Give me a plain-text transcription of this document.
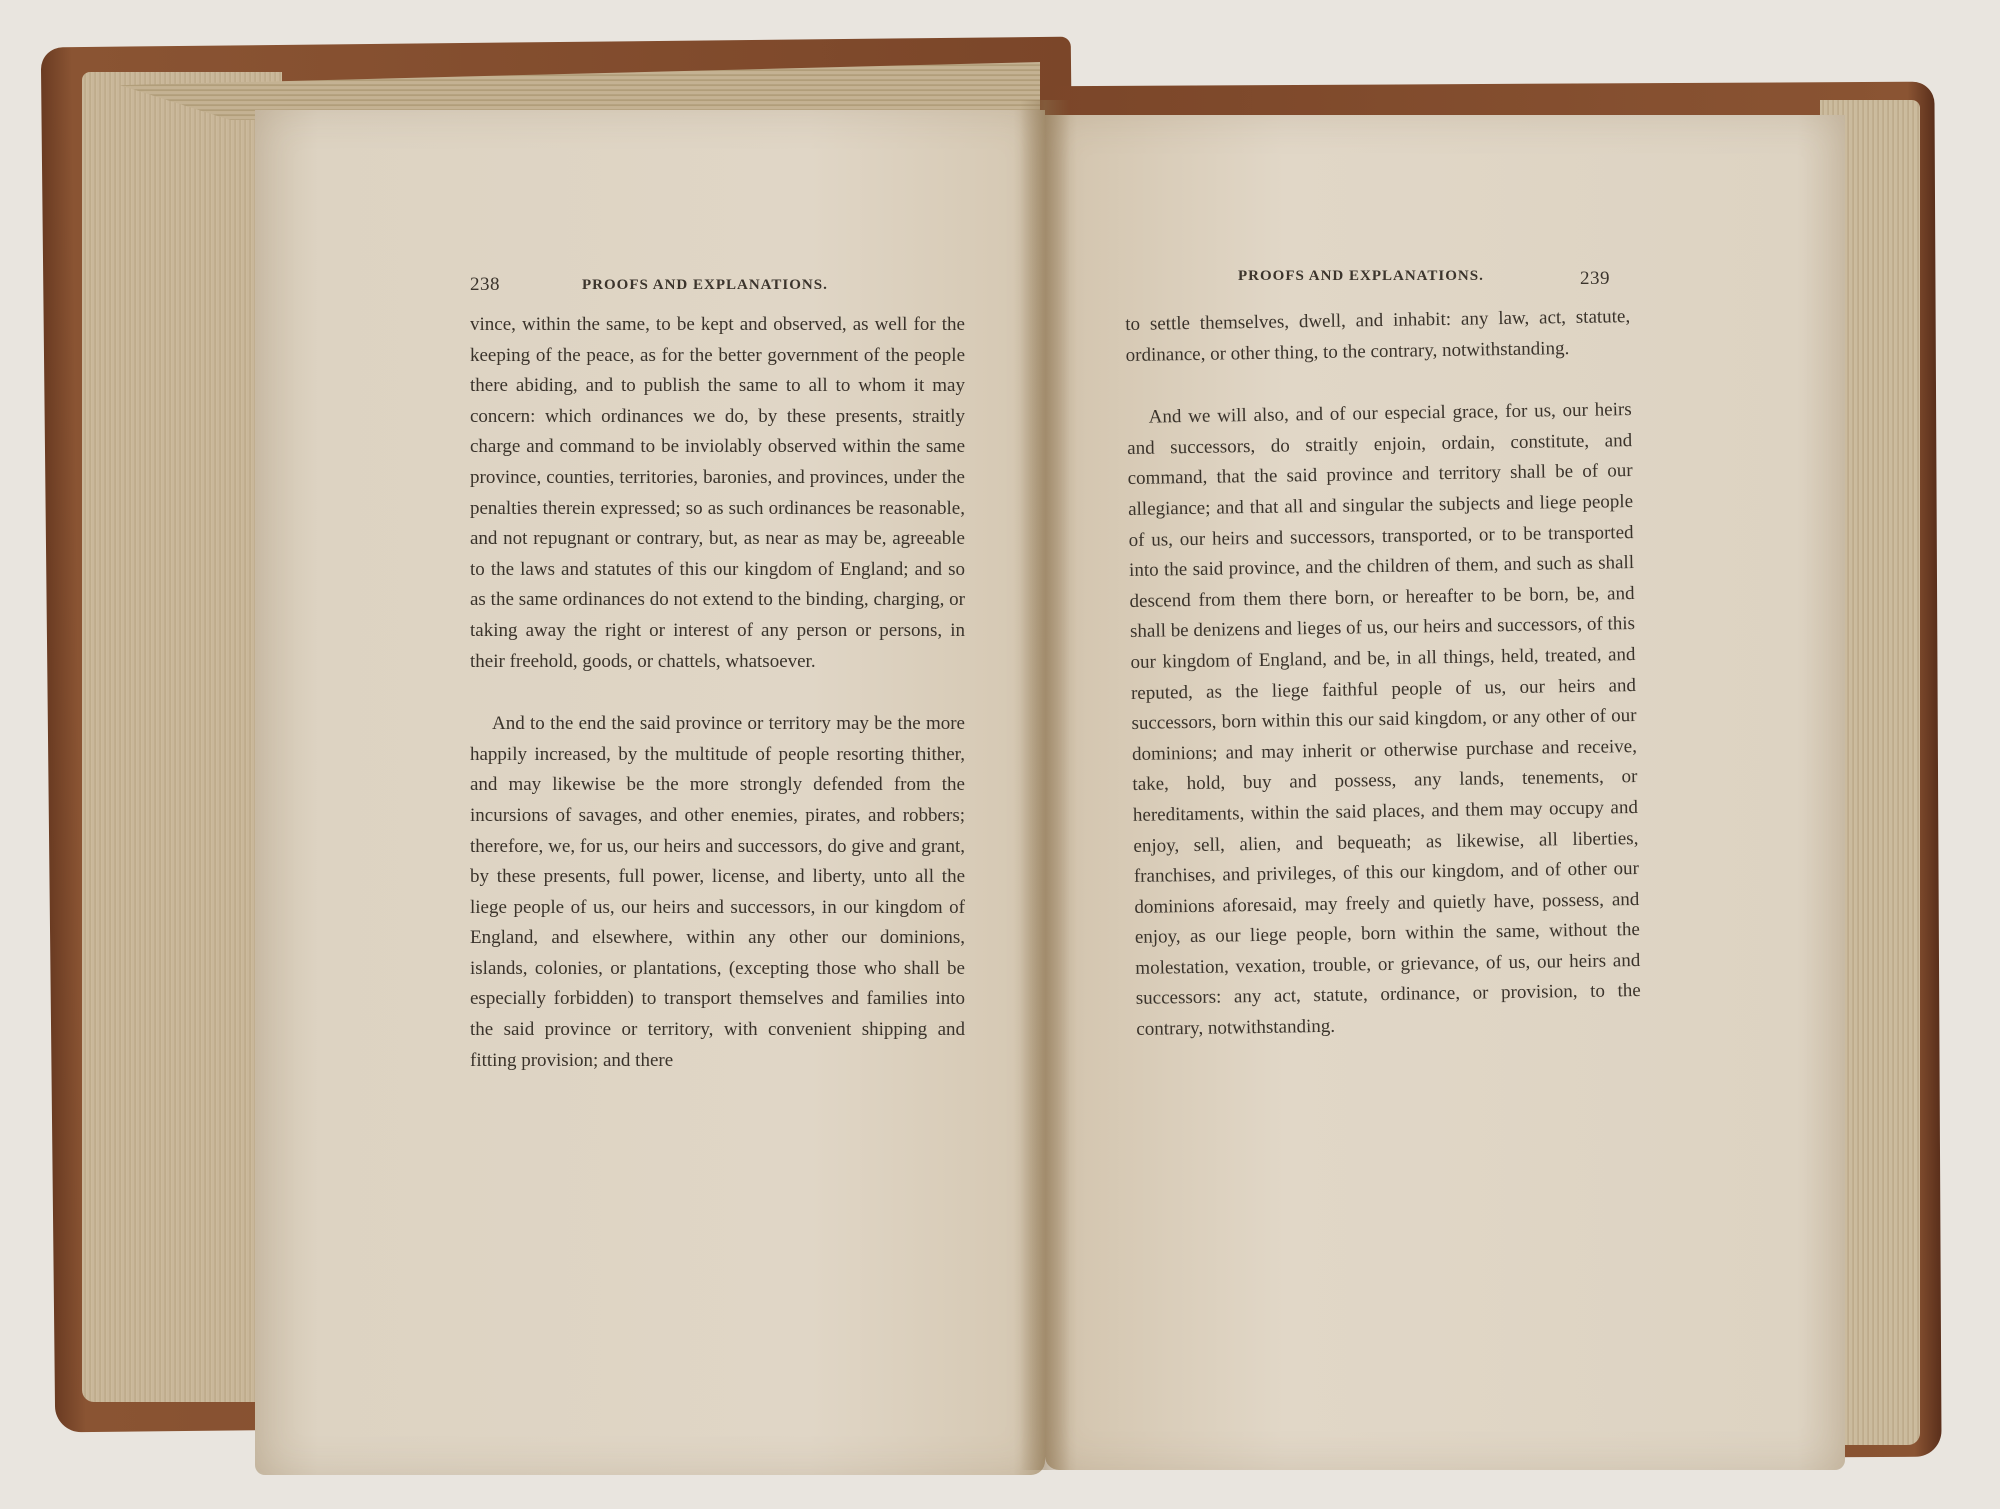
238	PROOFS AND EXPLANATIONS.
PROOFS AND EXPLANATIONS.	239

vince, within the same, to be kept and observed, as well for the keeping of the peace, as for the better government of the people there abiding, and to publish the same to all to whom it may concern: which ordinances we do, by these presents, straitly charge and command to be inviolably observed within the same province, counties, territories, baronies, and provinces, under the penalties therein expressed; so as such ordinances be reasonable, and not repugnant or contrary, but, as near as may be, agreeable to the laws and statutes of this our kingdom of England; and so as the same ordinances do not extend to the binding, charging, or taking away the right or interest of any person or persons, in their freehold, goods, or chattels, whatsoever.

And to the end the said province or territory may be the more happily increased, by the multitude of people resorting thither, and may likewise be the more strongly defended from the incursions of savages, and other enemies, pirates, and robbers; therefore, we, for us, our heirs and successors, do give and grant, by these presents, full power, license, and liberty, unto all the liege people of us, our heirs and successors, in our kingdom of England, and elsewhere, within any other our dominions, islands, colonies, or plantations, (excepting those who shall be especially forbidden) to transport themselves and families into the said province or territory, with convenient shipping and fitting provision; and there

to settle themselves, dwell, and inhabit: any law, act, statute, ordinance, or other thing, to the contrary, notwithstanding.

And we will also, and of our especial grace, for us, our heirs and successors, do straitly enjoin, ordain, constitute, and command, that the said province and territory shall be of our allegiance; and that all and singular the subjects and liege people of us, our heirs and successors, transported, or to be transported into the said province, and the children of them, and such as shall descend from them there born, or hereafter to be born, be, and shall be denizens and lieges of us, our heirs and successors, of this our kingdom of England, and be, in all things, held, treated, and reputed, as the liege faithful people of us, our heirs and successors, born within this our said kingdom, or any other of our dominions; and may inherit or otherwise purchase and receive, take, hold, buy and possess, any lands, tenements, or hereditaments, within the said places, and them may occupy and enjoy, sell, alien, and bequeath; as likewise, all liberties, franchises, and privileges, of this our kingdom, and of other our dominions aforesaid, may freely and quietly have, possess, and enjoy, as our liege people, born within the same, without the molestation, vexation, trouble, or grievance, of us, our heirs and successors: any act, statute, ordinance, or provision, to the contrary, notwithstanding.
